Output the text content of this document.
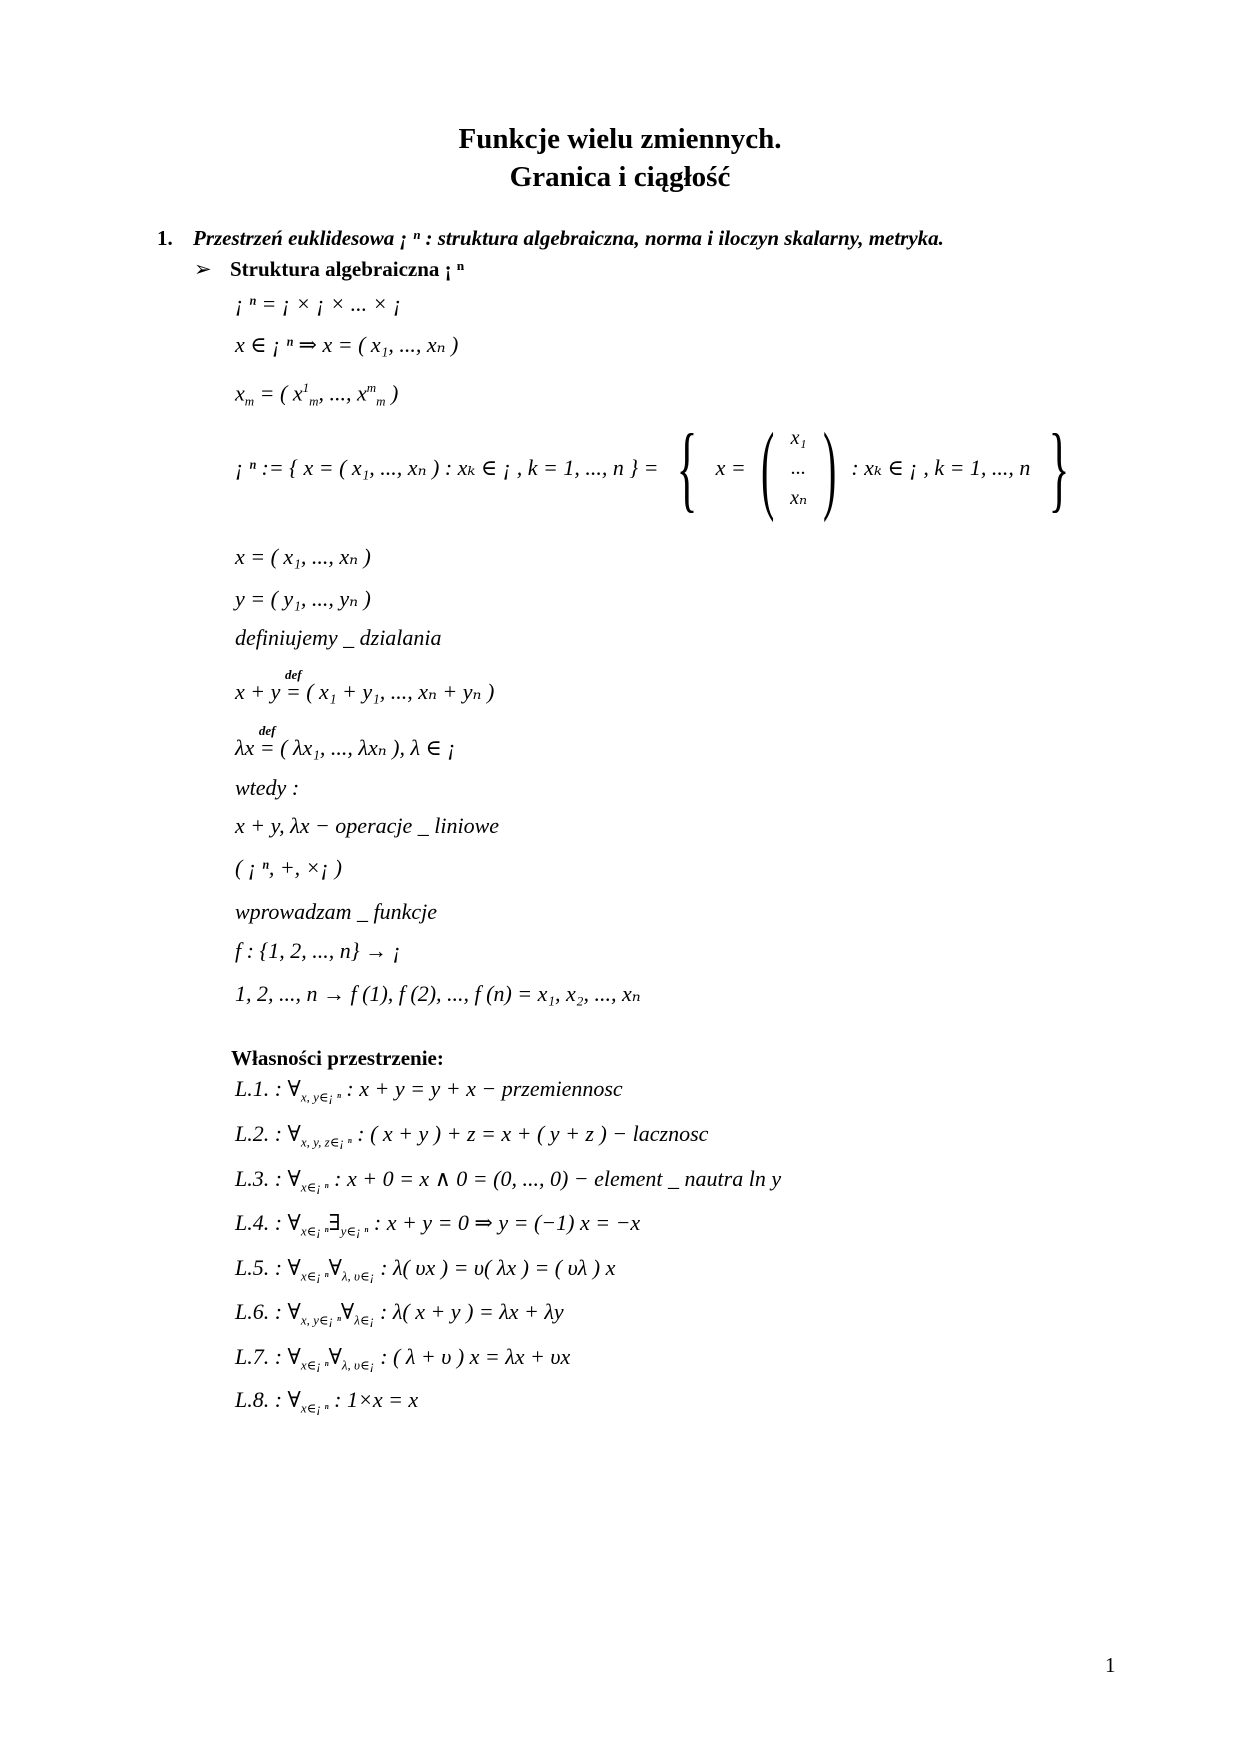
Funkcje wielu zmiennych.
Granica i ciągłość
1. Przestrzeń euklidesowa ¡ ⁿ : struktura algebraiczna, norma i iloczyn skalarny, metryka.
➢ Struktura algebraiczna ¡ ⁿ
¡ ⁿ = ¡ × ¡ × ... × ¡
x ∈ ¡ ⁿ ⇒ x = ( x₁, ..., xₙ )
$x_m$ = ( $x^1_m$, ..., $x^m_m$ )
¡ ⁿ := { x = ( x₁, ..., xₙ ) : xₖ ∈ ¡ , k = 1, ..., n } = { x = ( x₁
...
xₙ ) : xₖ ∈ ¡ , k = 1, ..., n }
x = ( x₁, ..., xₙ )
y = ( y₁, ..., yₙ )
definiujemy _ dzialania
x + y
def
= ( x₁ + y₁, ..., xₙ + yₙ )
λx
def
= ( λx₁, ..., λxₙ ), λ ∈ ¡
wtedy :
x + y, λx − operacje _ liniowe
( ¡ ⁿ, +, ×¡ )
wprowadzam _ funkcje
f : {1, 2, ..., n} → ¡
1, 2, ..., n → f (1), f (2), ..., f (n) = x₁, x₂, ..., xₙ
Własności przestrzenie:
L.1. : $\forall_{x, y\in¡ ^n}$ : x + y = y + x − przemiennosc
L.2. : $\forall_{x, y, z\in¡ ^n}$ : ( x + y ) + z = x + ( y + z ) − lacznosc
L.3. : $\forall_{x\in¡ ^n}$ : x + 0 = x ∧ 0 = (0, ..., 0) − element _ nautra ln y
L.4. : $\forall_{x\in¡ ^n}\exists_{y\in¡ ^n}$ : x + y = 0 ⇒ y = (−1) x = −x
L.5. : $\forall_{x\in¡ ^n}\forall_{\lambda, \upsilon\in¡}$ : λ( υx ) = υ( λx ) = ( υλ ) x
L.6. : $\forall_{x, y\in¡ ^n}\forall_{\lambda\in¡}$ : λ( x + y ) = λx + λy
L.7. : $\forall_{x\in¡ ^n}\forall_{\lambda, \upsilon\in¡}$ : ( λ + υ ) x = λx + υx
L.8. : $\forall_{x\in¡ ^n}$ : 1×x = x
1
